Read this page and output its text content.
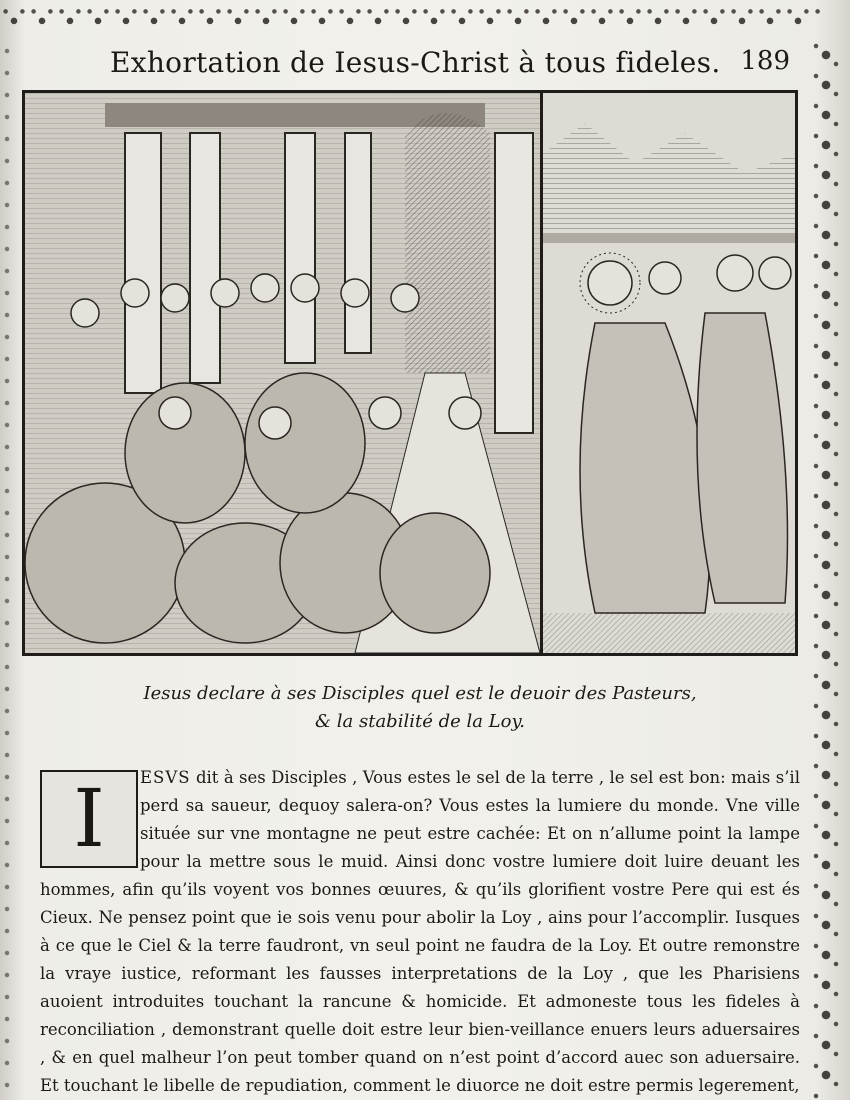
Exhortation de Iesus-Christ à tous fideles. 189
Iesus declare à ses Disciples quel est le deuoir des Pasteurs,
& la stabilité de la Loy.
I	ESVS dit à ses Disciples , Vous estes le sel de la terre , le sel est bon: mais s’il perd sa saueur, dequoy salera-on? Vous estes la lumiere du monde. Vne ville située sur vne montagne ne peut estre cachée: Et on n’allume point la lampe pour la mettre sous le muid. Ainsi donc vostre lumiere doit luire deuant les hommes, afin qu’ils voyent vos bonnes œuures, & qu’ils glorifient vostre Pere qui est és Cieux. Ne pensez point que ie sois venu pour abolir la Loy , ains pour l’accomplir. Iusques à ce que le Ciel & la terre faudront, vn seul point ne faudra de la Loy. Et outre remonstre la vraye iustice, reformant les fausses interpretations de la Loy , que les Pharisiens auoient introduites touchant la rancune & homicide. Et admoneste tous les fideles à reconciliation , demonstrant quelle doit estre leur bien-veillance enuers leurs aduersaires , & en quel malheur l’on peut tomber quand on n’est point d’accord auec son aduersaire. Et touchant le libelle de repudiation, comment le diuorce ne doit estre permis legerement,
